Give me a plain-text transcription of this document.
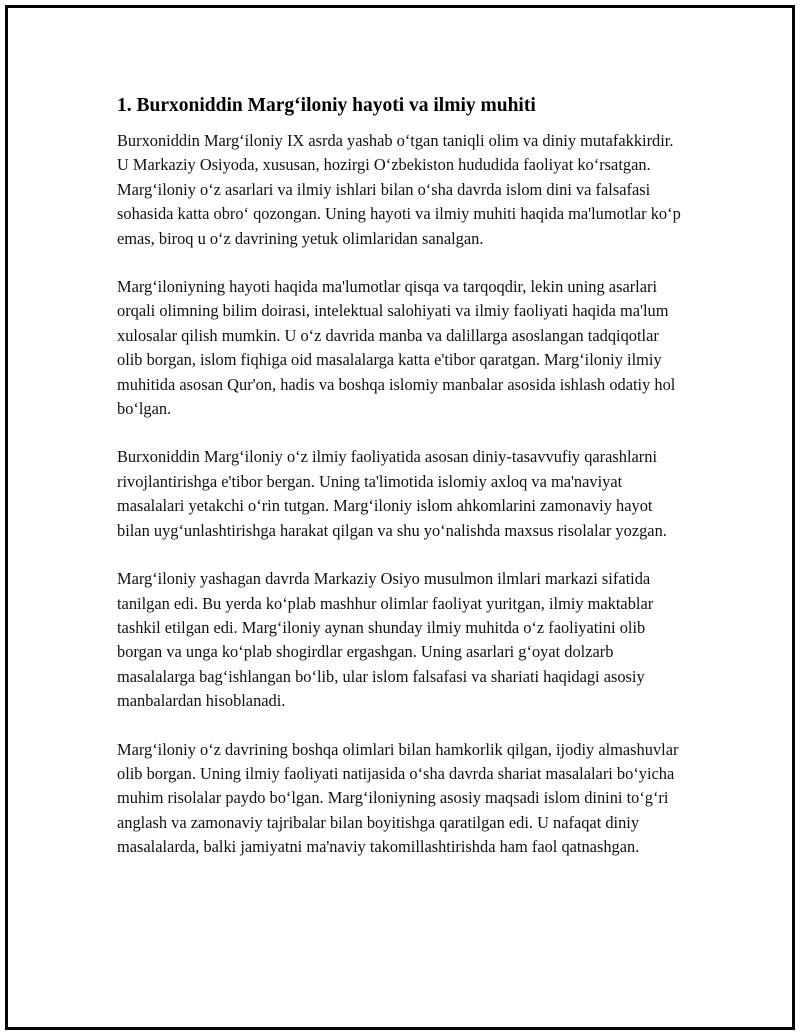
1. Burxoniddin Marg‘iloniy hayoti va ilmiy muhiti

Burxoniddin Marg‘iloniy IX asrda yashab o‘tgan taniqli olim va diniy mutafakkirdir. U Markaziy Osiyoda, xususan, hozirgi O‘zbekiston hududida faoliyat ko‘rsatgan. Marg‘iloniy o‘z asarlari va ilmiy ishlari bilan o‘sha davrda islom dini va falsafasi sohasida katta obro‘ qozongan. Uning hayoti va ilmiy muhiti haqida ma'lumotlar ko‘p emas, biroq u o‘z davrining yetuk olimlaridan sanalgan.

Marg‘iloniyning hayoti haqida ma'lumotlar qisqa va tarqoqdir, lekin uning asarlari orqali olimning bilim doirasi, intelektual salohiyati va ilmiy faoliyati haqida ma'lum xulosalar qilish mumkin. U o‘z davrida manba va dalillarga asoslangan tadqiqotlar olib borgan, islom fiqhiga oid masalalarga katta e'tibor qaratgan. Marg‘iloniy ilmiy muhitida asosan Qur'on, hadis va boshqa islomiy manbalar asosida ishlash odatiy hol bo‘lgan.

Burxoniddin Marg‘iloniy o‘z ilmiy faoliyatida asosan diniy-tasavvufiy qarashlarni rivojlantirishga e'tibor bergan. Uning ta'limotida islomiy axloq va ma'naviyat masalalari yetakchi o‘rin tutgan. Marg‘iloniy islom ahkomlarini zamonaviy hayot bilan uyg‘unlashtirishga harakat qilgan va shu yo‘nalishda maxsus risolalar yozgan.

Marg‘iloniy yashagan davrda Markaziy Osiyo musulmon ilmlari markazi sifatida tanilgan edi. Bu yerda ko‘plab mashhur olimlar faoliyat yuritgan, ilmiy maktablar tashkil etilgan edi. Marg‘iloniy aynan shunday ilmiy muhitda o‘z faoliyatini olib borgan va unga ko‘plab shogirdlar ergashgan. Uning asarlari g‘oyat dolzarb masalalarga bag‘ishlangan bo‘lib, ular islom falsafasi va shariati haqidagi asosiy manbalardan hisoblanadi.

Marg‘iloniy o‘z davrining boshqa olimlari bilan hamkorlik qilgan, ijodiy almashuvlar olib borgan. Uning ilmiy faoliyati natijasida o‘sha davrda shariat masalalari bo‘yicha muhim risolalar paydo bo‘lgan. Marg‘iloniyning asosiy maqsadi islom dinini to‘g‘ri anglash va zamonaviy tajribalar bilan boyitishga qaratilgan edi. U nafaqat diniy masalalarda, balki jamiyatni ma'naviy takomillashtirishda ham faol qatnashgan.
